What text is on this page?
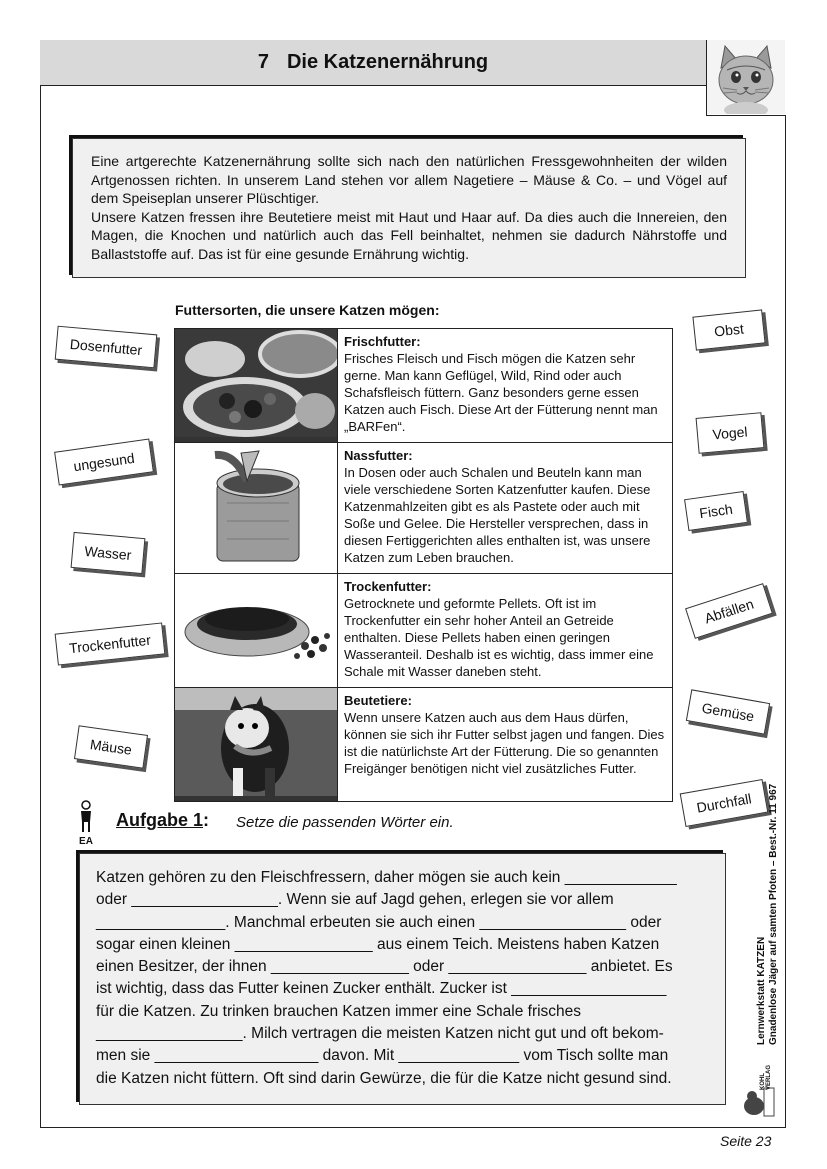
7 Die Katzenernährung

Eine artgerechte Katzenernährung sollte sich nach den natürlichen Fressgewohnheiten der wilden Artgenossen richten. In unserem Land stehen vor allem Nagetiere – Mäuse & Co. – und Vögel auf dem Speiseplan unserer Plüschtiger.

Unsere Katzen fressen ihre Beutetiere meist mit Haut und Haar auf. Da dies auch die Innereien, den Magen, die Knochen und natürlich auch das Fell beinhaltet, nehmen sie dadurch Nährstoffe und Ballaststoffe auf. Das ist für eine gesunde Ernährung wichtig.

Futtersorten, die unsere Katzen mögen:

Frischfutter:
Frisches Fleisch und Fisch mögen die Katzen sehr gerne. Man kann Geflügel, Wild, Rind oder auch Schafsfleisch füttern. Ganz besonders gerne essen Katzen auch Fisch. Diese Art der Fütterung nennt man „BARFen“.

Nassfutter:
In Dosen oder auch Schalen und Beuteln kann man viele verschiedene Sorten Katzenfutter kaufen. Diese Katzenmahlzeiten gibt es als Pastete oder auch mit Soße und Gelee. Die Hersteller versprechen, dass in diesen Fertiggerichten alles enthalten ist, was unsere Katzen zum Leben brauchen.

Trockenfutter:
Getrocknete und geformte Pellets. Oft ist im Trockenfutter ein sehr hoher Anteil an Getreide enthalten. Diese Pellets haben einen geringen Wasseranteil. Deshalb ist es wichtig, dass immer eine Schale mit Wasser daneben steht.

Beutetiere:
Wenn unsere Katzen auch aus dem Haus dürfen, können sie sich ihr Futter selbst jagen und fangen. Dies ist die natürlichste Art der Fütterung. Die so genannten Freigänger benötigen nicht viel zusätzliches Futter.
Dosenfutter
ungesund
Wasser
Trockenfutter
Mäuse
Obst
Vogel
Fisch
Abfällen
Gemüse
Durchfall
EA
Aufgabe 1: Setze die passenden Wörter ein.

Katzen gehören zu den Fleischfressern, daher mögen sie auch kein _____________

oder _________________. Wenn sie auf Jagd gehen, erlegen sie vor allem

_______________. Manchmal erbeuten sie auch einen _________________ oder

sogar einen kleinen ________________ aus einem Teich. Meistens haben Katzen

einen Besitzer, der ihnen ________________ oder ________________ anbietet. Es

ist wichtig, dass das Futter keinen Zucker enthält. Zucker ist __________________

für die Katzen. Zu trinken brauchen Katzen immer eine Schale frisches

_________________. Milch vertragen die meisten Katzen nicht gut und oft bekom-

men sie ___________________ davon. Mit ______________ vom Tisch sollte man

die Katzen nicht füttern. Oft sind darin Gewürze, die für die Katze nicht gesund sind.

Lernwerkstatt KATZEN Gnadenlose Jäger auf samten Pfoten – Best.-Nr. 11 967
KOHL VERLAG
Seite 23
